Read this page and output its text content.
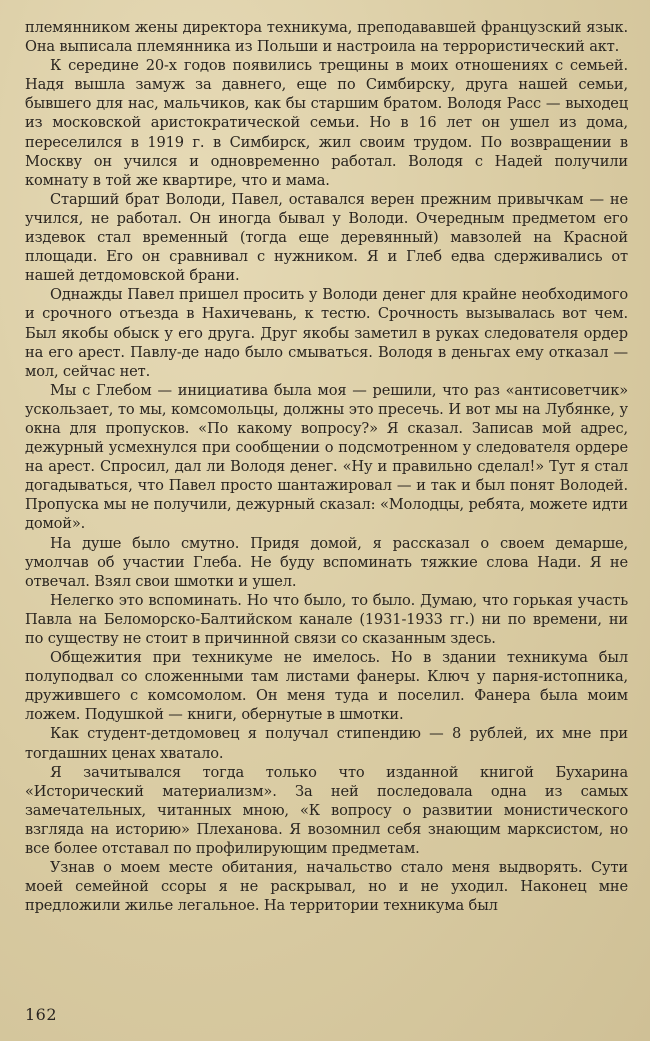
племянником жены директора техникума, преподававшей французский язык. Она выписала племянника из Польши и настроила на террористический акт.

К середине 20-х годов появились трещины в моих отношениях с семьей. Надя вышла замуж за давнего, еще по Симбирску, друга нашей семьи, бывшего для нас, мальчиков, как бы старшим братом. Володя Расс — выходец из московской аристократической семьи. Но в 16 лет он ушел из дома, переселился в 1919 г. в Симбирск, жил своим трудом. По возвращении в Москву он учился и одновременно работал. Володя с Надей получили комнату в той же квартире, что и мама.

Старший брат Володи, Павел, оставался верен прежним привычкам — не учился, не работал. Он иногда бывал у Володи. Очередным предметом его издевок стал временный (тогда еще деревянный) мавзолей на Красной площади. Его он сравнивал с нужником. Я и Глеб едва сдерживались от нашей детдомовской брани.

Однажды Павел пришел просить у Володи денег для крайне необходимого и срочного отъезда в Нахичевань, к тестю. Срочность вызывалась вот чем. Был якобы обыск у его друга. Друг якобы заметил в руках следователя ордер на его арест. Павлу-де надо было смываться. Володя в деньгах ему отказал — мол, сейчас нет.

Мы с Глебом — инициатива была моя — решили, что раз «антисоветчик» ускользает, то мы, комсомольцы, должны это пресечь. И вот мы на Лубянке, у окна для пропусков. «По какому вопросу?» Я сказал. Записав мой адрес, дежурный усмехнулся при сообщении о подсмотренном у следователя ордере на арест. Спросил, дал ли Володя денег. «Ну и правильно сделал!» Тут я стал догадываться, что Павел просто шантажировал — и так и был понят Володей. Пропуска мы не получили, дежурный сказал: «Молодцы, ребята, можете идти домой».

На душе было смутно. Придя домой, я рассказал о своем демарше, умолчав об участии Глеба. Не буду вспоминать тяжкие слова Нади. Я не отвечал. Взял свои шмотки и ушел.

Нелегко это вспоминать. Но что было, то было. Думаю, что горькая участь Павла на Беломорско-Балтийском канале (1931-1933 гг.) ни по времени, ни по существу не стоит в причинной связи со сказанным здесь.

Общежития при техникуме не имелось. Но в здании техникума был полуподвал со сложенными там листами фанеры. Ключ у парня-истопника, дружившего с комсомолом. Он меня туда и поселил. Фанера была моим ложем. Подушкой — книги, обернутые в шмотки.

Как студент-детдомовец я получал стипендию — 8 рублей, их мне при тогдашних ценах хватало.

Я зачитывался тогда только что изданной книгой Бухарина «Исторический материализм». За ней последовала одна из самых замечательных, читанных мною, «К вопросу о развитии монистического взгляда на историю» Плеханова. Я возомнил себя знающим марксистом, но все более отставал по профилирующим предметам.

Узнав о моем месте обитания, начальство стало меня выдворять. Сути моей семейной ссоры я не раскрывал, но и не уходил. Наконец мне предложили жилье легальное. На территории техникума был

162
